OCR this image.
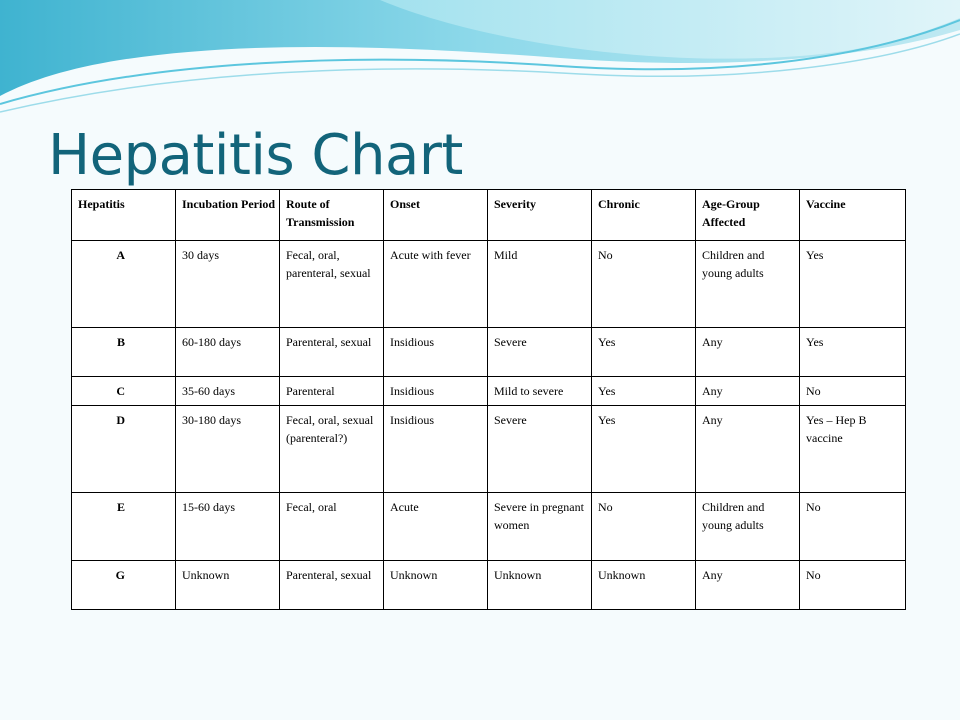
Hepatitis Chart
Hepatitis	Incubation Period	Route of Transmission	Onset	Severity	Chronic	Age-Group Affected	Vaccine
A	30 days	Fecal, oral, parenteral, sexual	Acute with fever	Mild	No	Children and young adults	Yes
B	60-180 days	Parenteral, sexual	Insidious	Severe	Yes	Any	Yes
C	35-60 days	Parenteral	Insidious	Mild to severe	Yes	Any	No
D	30-180 days	Fecal, oral, sexual (parenteral?)	Insidious	Severe	Yes	Any	Yes – Hep B vaccine
E	15-60 days	Fecal, oral	Acute	Severe in pregnant women	No	Children and young adults	No
G	Unknown	Parenteral, sexual	Unknown	Unknown	Unknown	Any	No
